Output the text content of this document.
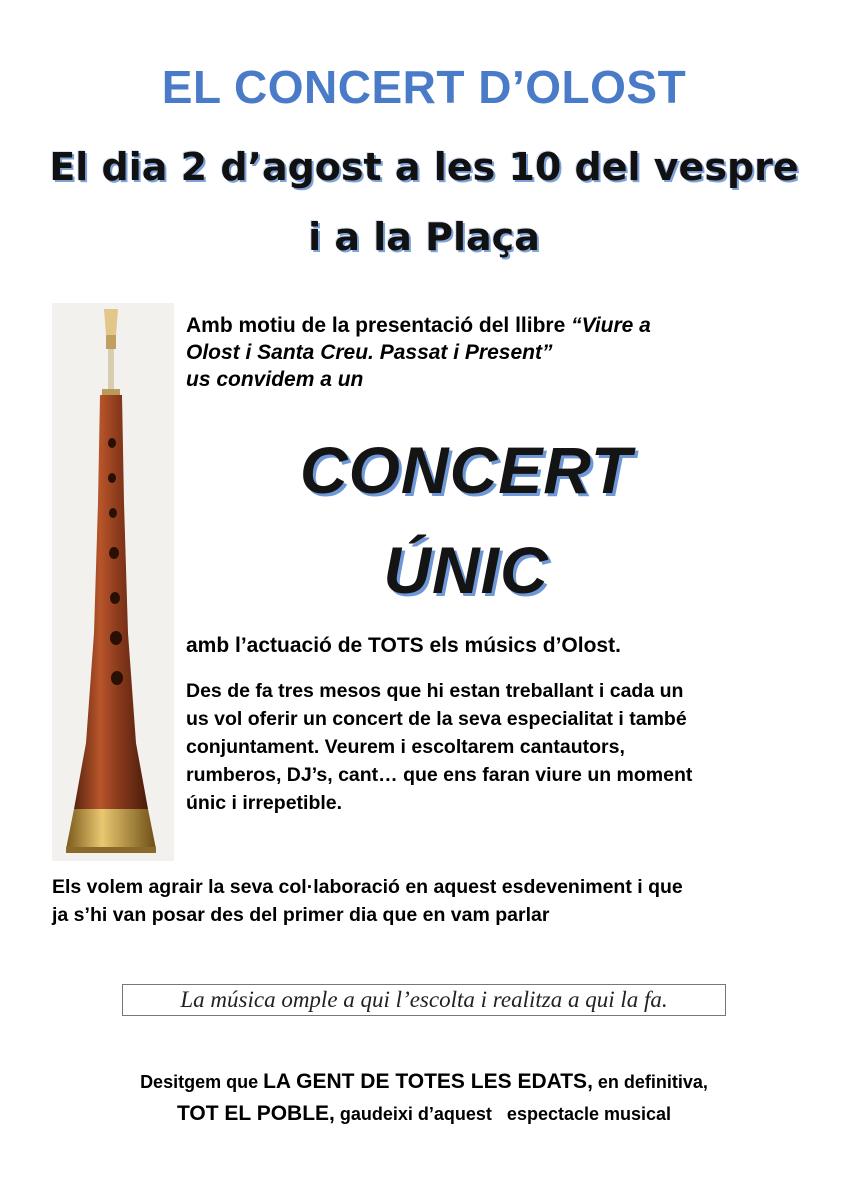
EL CONCERT D’OLOST
El dia 2 d’agost a les 10 del vespre
i a la Plaça
Amb motiu de la presentació del llibre “Viure a
Olost i Santa Creu. Passat i Present”
us convidem a un
CONCERT
ÚNIC
amb l’actuació de TOTS els músics d’Olost.
Des de fa tres mesos que hi estan treballant i cada un
us vol oferir un concert de la seva especialitat i també
conjuntament. Veurem i escoltarem cantautors,
rumberos, DJ’s, cant… que ens faran viure un moment
únic i irrepetible.
Els volem agrair la seva col·laboració en aquest esdeveniment i que
ja s’hi van posar des del primer dia que en vam parlar
La música omple a qui l’escolta i realitza a qui la fa.
Desitgem que LA GENT DE TOTES LES EDATS, en definitiva,
TOT EL POBLE, gaudeixi d’aquest   espectacle musical
